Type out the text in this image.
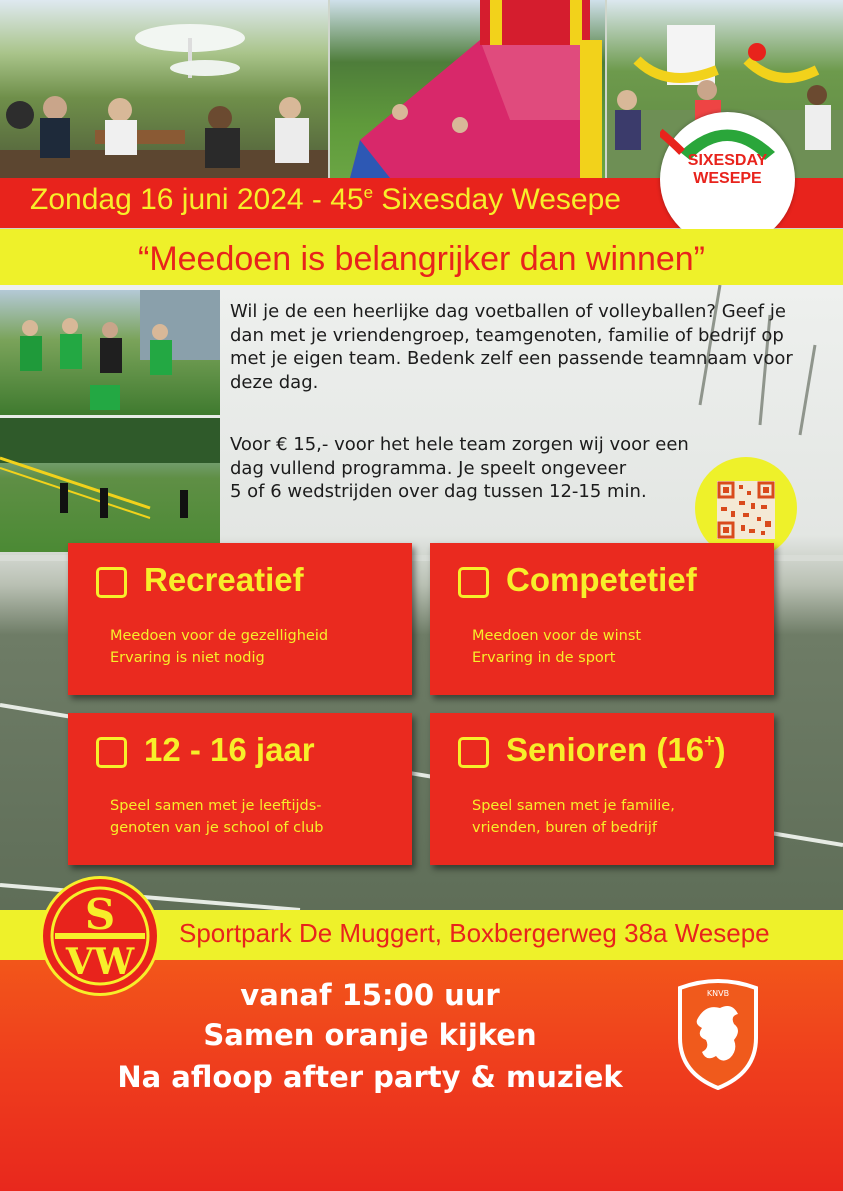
Zondag 16 juni 2024 - 45e Sixesday Wesepe
SIXESDAY
WESEPE
“Meedoen is belangrijker dan winnen”
Wil je de een heerlijke dag voetballen of volleyballen? Geef je dan met je vriendengroep, teamgenoten, familie of bedrijf op met je eigen team. Bedenk zelf een passende teamnaam voor deze dag.
Voor € 15,- voor het hele team zorgen wij voor een
dag vullend programma. Je speelt ongeveer
5 of 6 wedstrijden over dag tussen 12-15 min.
Recreatief
Meedoen voor de gezelligheid
Ervaring is niet nodig
Competetief
Meedoen voor de winst
Ervaring in de sport
12 - 16 jaar
Speel samen met je leeftijds-
genoten van je school of club
Senioren (16+)
Speel samen met je familie,
vrienden, buren of bedrijf
Sportpark De Muggert, Boxbergerweg 38a Wesepe
vanaf 15:00 uur
Samen oranje kijken
Na afloop after party & muziek
S
VW
KNVB
